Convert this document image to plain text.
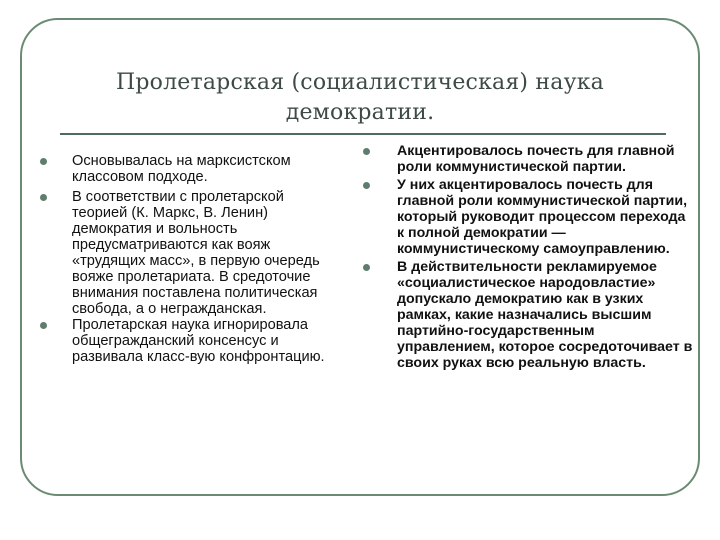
Пролетарская (социалистическая) наука демократии.
Основывалась на марксистском классовом подходе.
В соответствии с пролетарской теорией (К. Маркс, В. Ленин) демократия и вольность предусматриваются как вояж «трудящих масс», в первую очередь вояже пролетариата. В средоточие внимания поставлена политическая свобода, а о негражданская.
Пролетарская наука игнорировала общегражданский консенсус и развивала класс-вую конфронтацию.
Акцентировалось почесть для главной роли коммунистической партии.
У них акцентировалось почесть для главной роли коммунистической партии, который руководит процессом перехода к полной демократии — коммунистическому самоуправлению.
В действительности рекламируемое «социалистическое народовластие» допускало демократию как в узких рамках, какие назначались высшим партийно-государственным управлением, которое сосредоточивает в своих руках всю реальную власть.
